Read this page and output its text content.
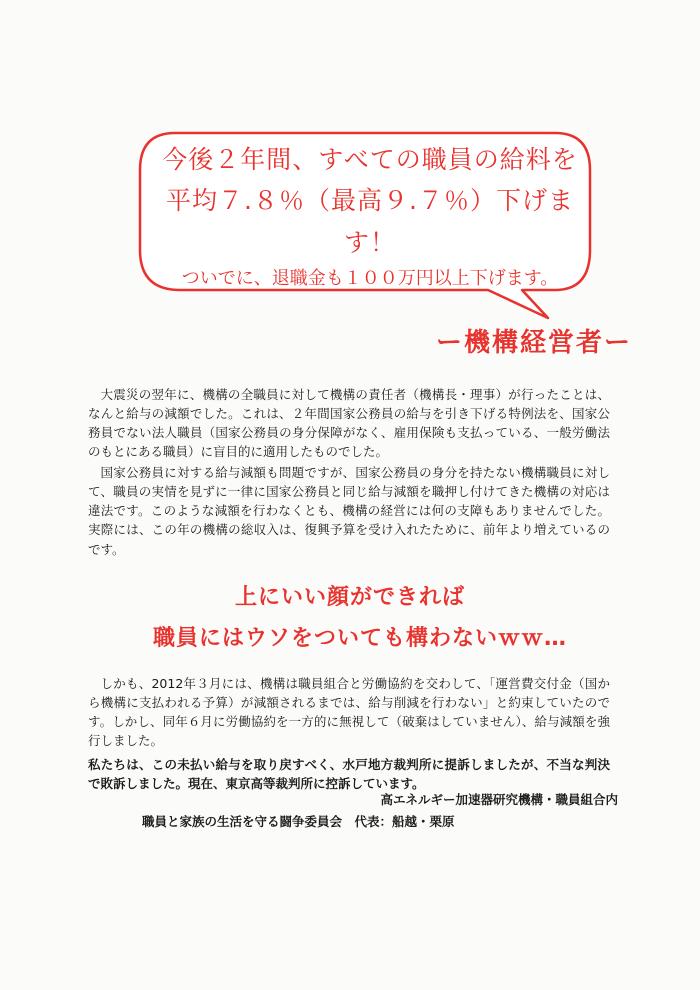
今後２年間、すべての職員の給料を
平均７.８％（最高９.７％）下げます！
ついでに、退職金も１００万円以上下げます。
ー機構経営者ー

大震災の翌年に、機構の全職員に対して機構の責任者（機構長・理事）が行ったことは、なんと給与の減額でした。これは、２年間国家公務員の給与を引き下げる特例法を、国家公務員でない法人職員（国家公務員の身分保障がなく、雇用保険も支払っている、一般労働法のもとにある職員）に盲目的に適用したものでした。

国家公務員に対する給与減額も問題ですが、国家公務員の身分を持たない機構職員に対して、職員の実情を見ずに一律に国家公務員と同じ給与減額を職押し付けてきた機構の対応は違法です。このような減額を行わなくとも、機構の経営には何の支障もありませんでした。実際には、この年の機構の総収入は、復興予算を受け入れたために、前年より増えているのです。

上にいい顔ができれば
職員にはウソをついても構わないｗｗ…

しかも、2012年３月には、機構は職員組合と労働協約を交わして、「運営費交付金（国から機構に支払われる予算）が減額されるまでは、給与削減を行わない」と約束していたのです。しかし、同年６月に労働協約を一方的に無視して（破棄はしていません）、給与減額を強行しました。

私たちは、この未払い給与を取り戻すべく、水戸地方裁判所に提訴しましたが、不当な判決で敗訴しました。現在、東京高等裁判所に控訴しています。

高エネルギー加速器研究機構・職員組合内
職員と家族の生活を守る闘争委員会　代表：船越・栗原
